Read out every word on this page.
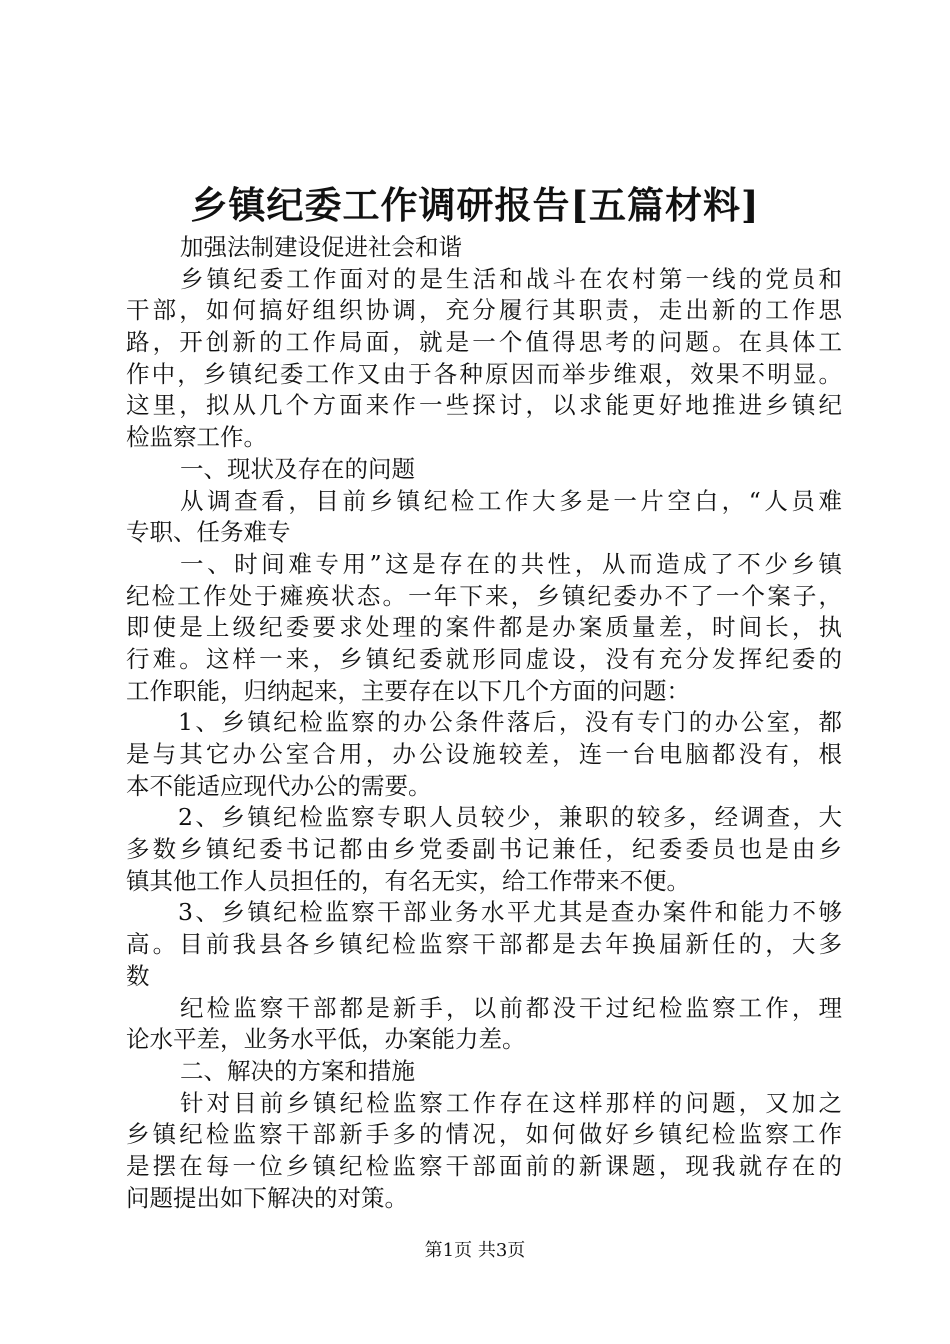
乡镇纪委工作调研报告[五篇材料]
加强法制建设促进社会和谐
乡镇纪委工作面对的是生活和战斗在农村第一线的党员和
干部，如何搞好组织协调，充分履行其职责，走出新的工作思
路，开创新的工作局面，就是一个值得思考的问题。在具体工
作中，乡镇纪委工作又由于各种原因而举步维艰，效果不明显。
这里，拟从几个方面来作一些探讨，以求能更好地推进乡镇纪
检监察工作。
一、现状及存在的问题
从调查看，目前乡镇纪检工作大多是一片空白，“人员难
专职、任务难专
一、时间难专用”这是存在的共性，从而造成了不少乡镇
纪检工作处于瘫痪状态。一年下来，乡镇纪委办不了一个案子，
即使是上级纪委要求处理的案件都是办案质量差，时间长，执
行难。这样一来，乡镇纪委就形同虚设，没有充分发挥纪委的
工作职能，归纳起来，主要存在以下几个方面的问题：
1、乡镇纪检监察的办公条件落后，没有专门的办公室，都
是与其它办公室合用，办公设施较差，连一台电脑都没有，根
本不能适应现代办公的需要。
2、乡镇纪检监察专职人员较少，兼职的较多，经调查，大
多数乡镇纪委书记都由乡党委副书记兼任，纪委委员也是由乡
镇其他工作人员担任的，有名无实，给工作带来不便。
3、乡镇纪检监察干部业务水平尤其是查办案件和能力不够
高。目前我县各乡镇纪检监察干部都是去年换届新任的，大多
数
纪检监察干部都是新手，以前都没干过纪检监察工作，理
论水平差，业务水平低，办案能力差。
二、解决的方案和措施
针对目前乡镇纪检监察工作存在这样那样的问题，又加之
乡镇纪检监察干部新手多的情况，如何做好乡镇纪检监察工作
是摆在每一位乡镇纪检监察干部面前的新课题，现我就存在的
问题提出如下解决的对策。
第1页 共3页
